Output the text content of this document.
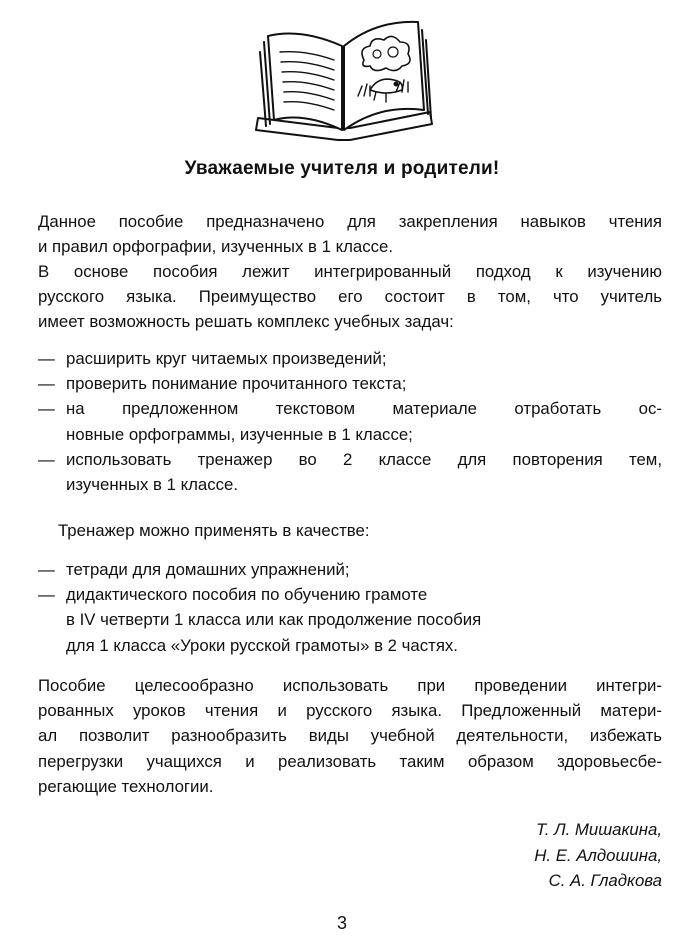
Уважаемые учителя и родители!
Данное пособие предназначено для закрепления навыков чтения
и правил орфографии, изученных в 1 классе.
В основе пособия лежит интегрированный подход к изучению
русского языка. Преимущество его состоит в том, что учитель
имеет возможность решать комплекс учебных задач:
— расширить круг читаемых произведений;
— проверить понимание прочитанного текста;
— на предложенном текстовом материале отработать ос-
новные орфограммы, изученные в 1 классе;
— использовать тренажер во 2 классе для повторения тем,
изученных в 1 классе.
Тренажер можно применять в качестве:
— тетради для домашних упражнений;
— дидактического пособия по обучению грамоте
в IV четверти 1 класса или как продолжение пособия
для 1 класса «Уроки русской грамоты» в 2 частях.
Пособие целесообразно использовать при проведении интегри-
рованных уроков чтения и русского языка. Предложенный матери-
ал позволит разнообразить виды учебной деятельности, избежать
перегрузки учащихся и реализовать таким образом здоровьесбе-
регающие технологии.
Т. Л. Мишакина,
Н. Е. Алдошина,
С. А. Гладкова
3
